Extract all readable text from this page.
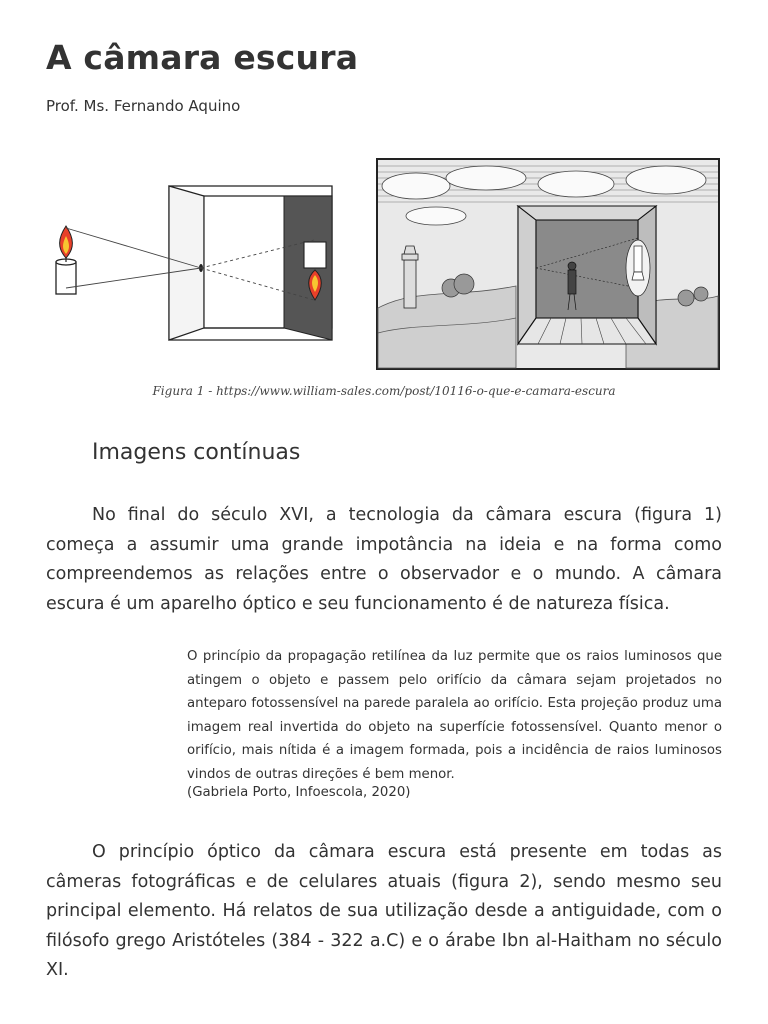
A câmara escura
Prof. Ms. Fernando Aquino
Figura 1 - https://www.william-sales.com/post/10116-o-que-e-camara-escura
Imagens contínuas

No final do século XVI, a tecnologia da câmara escura (figura 1) começa a assumir uma grande impotância na ideia e na forma como compreendemos as relações entre o observador e o mundo. A câmara escura é um aparelho óptico e seu funcionamento é de natureza física.

O princípio da propagação retilínea da luz permite que os raios luminosos que atingem o objeto e passem pelo orifício da câmara sejam projetados no anteparo fotossensível na parede paralela ao orifício. Esta projeção produz uma imagem real invertida do objeto na superfície fotossensível. Quanto menor o orifício, mais nítida é a imagem formada, pois a incidência de raios luminosos vindos de outras direções é bem menor.

(Gabriela Porto, Infoescola, 2020)

O princípio óptico da câmara escura está presente em todas as câmeras fotográficas e de celulares atuais (figura 2), sendo mesmo seu principal elemento. Há relatos de sua utilização desde a antiguidade, com o filósofo grego Aristóteles (384 - 322 a.C) e o árabe Ibn al-Haitham no século XI.
